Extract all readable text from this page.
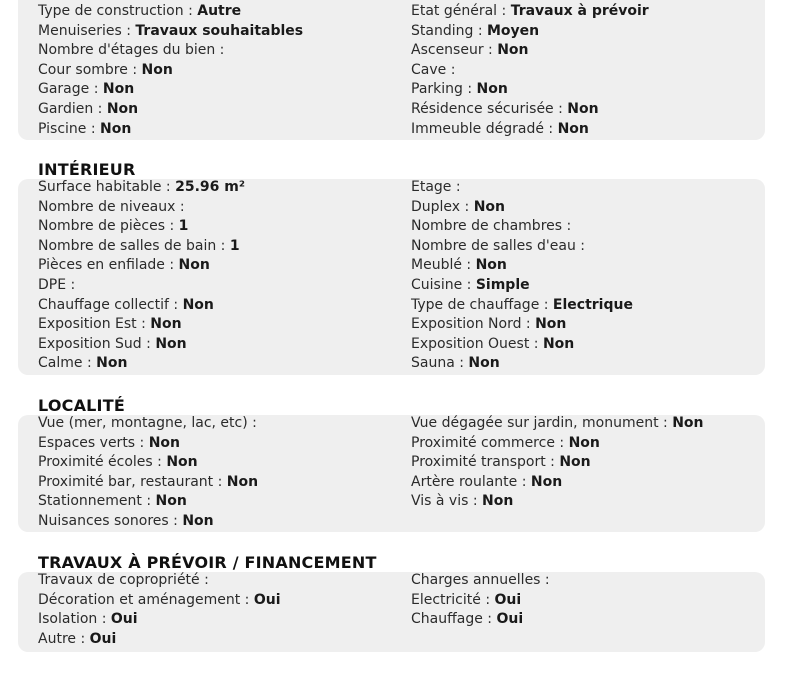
Type de construction : Autre
Menuiseries : Travaux souhaitables
Nombre d'étages du bien :
Cour sombre : Non
Garage : Non
Gardien : Non
Piscine : Non
Etat général : Travaux à prévoir
Standing : Moyen
Ascenseur : Non
Cave :
Parking : Non
Résidence sécurisée : Non
Immeuble dégradé : Non
INTÉRIEUR
Surface habitable : 25.96 m²
Nombre de niveaux :
Nombre de pièces : 1
Nombre de salles de bain : 1
Pièces en enfilade : Non
DPE :
Chauffage collectif : Non
Exposition Est : Non
Exposition Sud : Non
Calme : Non
Etage :
Duplex : Non
Nombre de chambres :
Nombre de salles d'eau :
Meublé : Non
Cuisine : Simple
Type de chauffage : Electrique
Exposition Nord : Non
Exposition Ouest : Non
Sauna : Non
LOCALITÉ
Vue (mer, montagne, lac, etc) :
Espaces verts : Non
Proximité écoles : Non
Proximité bar, restaurant : Non
Stationnement : Non
Nuisances sonores : Non
Vue dégagée sur jardin, monument : Non
Proximité commerce : Non
Proximité transport : Non
Artère roulante : Non
Vis à vis : Non
TRAVAUX À PRÉVOIR / FINANCEMENT
Travaux de copropriété :
Décoration et aménagement : Oui
Isolation : Oui
Autre : Oui
Charges annuelles :
Electricité : Oui
Chauffage : Oui
